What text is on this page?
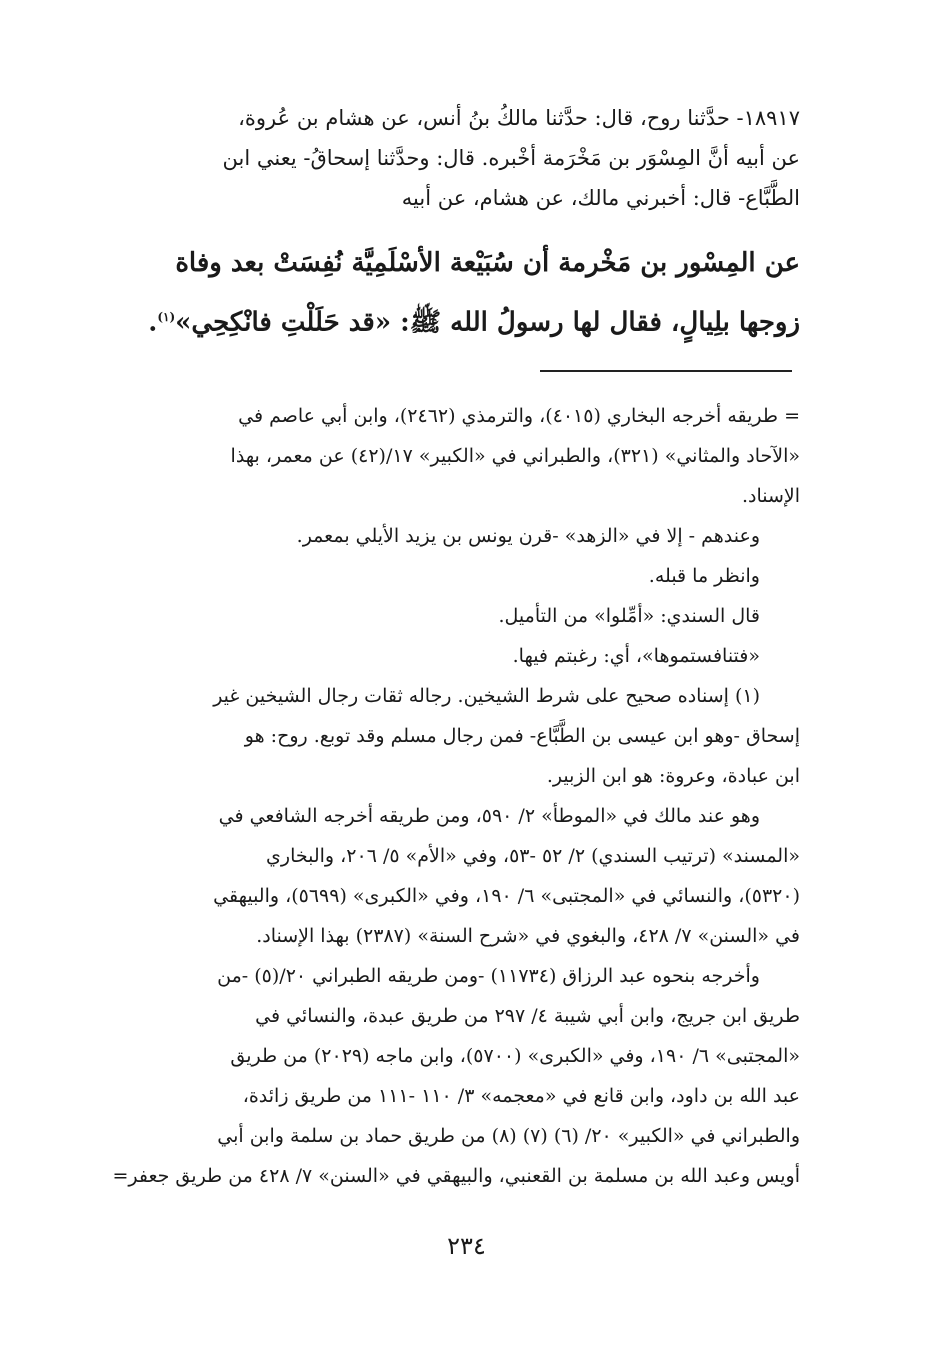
١٨٩١٧- حدَّثنا روح، قال: حدَّثنا مالكُ بنُ أنس، عن هشام بن عُروة،
عن أبيه أنَّ المِسْوَر بن مَخْرَمة أخْبره. قال: وحدَّثنا إسحاقُ- يعني ابن
الطَّبَّاع- قال: أخبرني مالك، عن هشام، عن أبيه
عن المِسْور بن مَخْرمة أن سُبَيْعة الأسْلَمِيَّة نُفِسَتْ بعد وفاة
زوجها بلِيالٍ، فقال لها رسولُ الله ﷺ: «قد حَلَلْتِ فانْكِحِي»$^{(١)}$.
= طريقه أخرجه البخاري (٤٠١٥)، والترمذي (٢٤٦٢)، وابن أبي عاصم في
«الآحاد والمثاني» (٣٢١)، والطبراني في «الكبير» ١٧/(٤٢) عن معمر، بهذا
الإسناد.
وعندهم - إلا في «الزهد» -قرن يونس بن يزيد الأيلي بمعمر.
وانظر ما قبله.
قال السندي: «أمِّلوا» من التأميل.
«فتنافستموها»، أي: رغبتم فيها.
(١) إسناده صحيح على شرط الشيخين. رجاله ثقات رجال الشيخين غير
إسحاق -وهو ابن عيسى بن الطَّبَّاع- فمن رجال مسلم وقد توبع. روح: هو
ابن عبادة، وعروة: هو ابن الزبير.
وهو عند مالك في «الموطأ» ٢/ ٥٩٠، ومن طريقه أخرجه الشافعي في
«المسند» (ترتيب السندي) ٢/ ٥٢ -٥٣، وفي «الأم» ٥/ ٢٠٦، والبخاري
(٥٣٢٠)، والنسائي في «المجتبى» ٦/ ١٩٠، وفي «الكبرى» (٥٦٩٩)، والبيهقي
في «السنن» ٧/ ٤٢٨، والبغوي في «شرح السنة» (٢٣٨٧) بهذا الإسناد.
وأخرجه بنحوه عبد الرزاق (١١٧٣٤) -ومن طريقه الطبراني ٢٠/(٥) -من
طريق ابن جريج، وابن أبي شيبة ٤/ ٢٩٧ من طريق عبدة، والنسائي في
«المجتبى» ٦/ ١٩٠، وفي «الكبرى» (٥٧٠٠)، وابن ماجه (٢٠٢٩) من طريق
عبد الله بن داود، وابن قانع في «معجمه» ٣/ ١١٠ -١١١ من طريق زائدة،
والطبراني في «الكبير» ٢٠/ (٦) (٧) (٨) من طريق حماد بن سلمة وابن أبي
أويس وعبد الله بن مسلمة بن القعنبي، والبيهقي في «السنن» ٧/ ٤٢٨ من طريق جعفر=
٢٣٤
